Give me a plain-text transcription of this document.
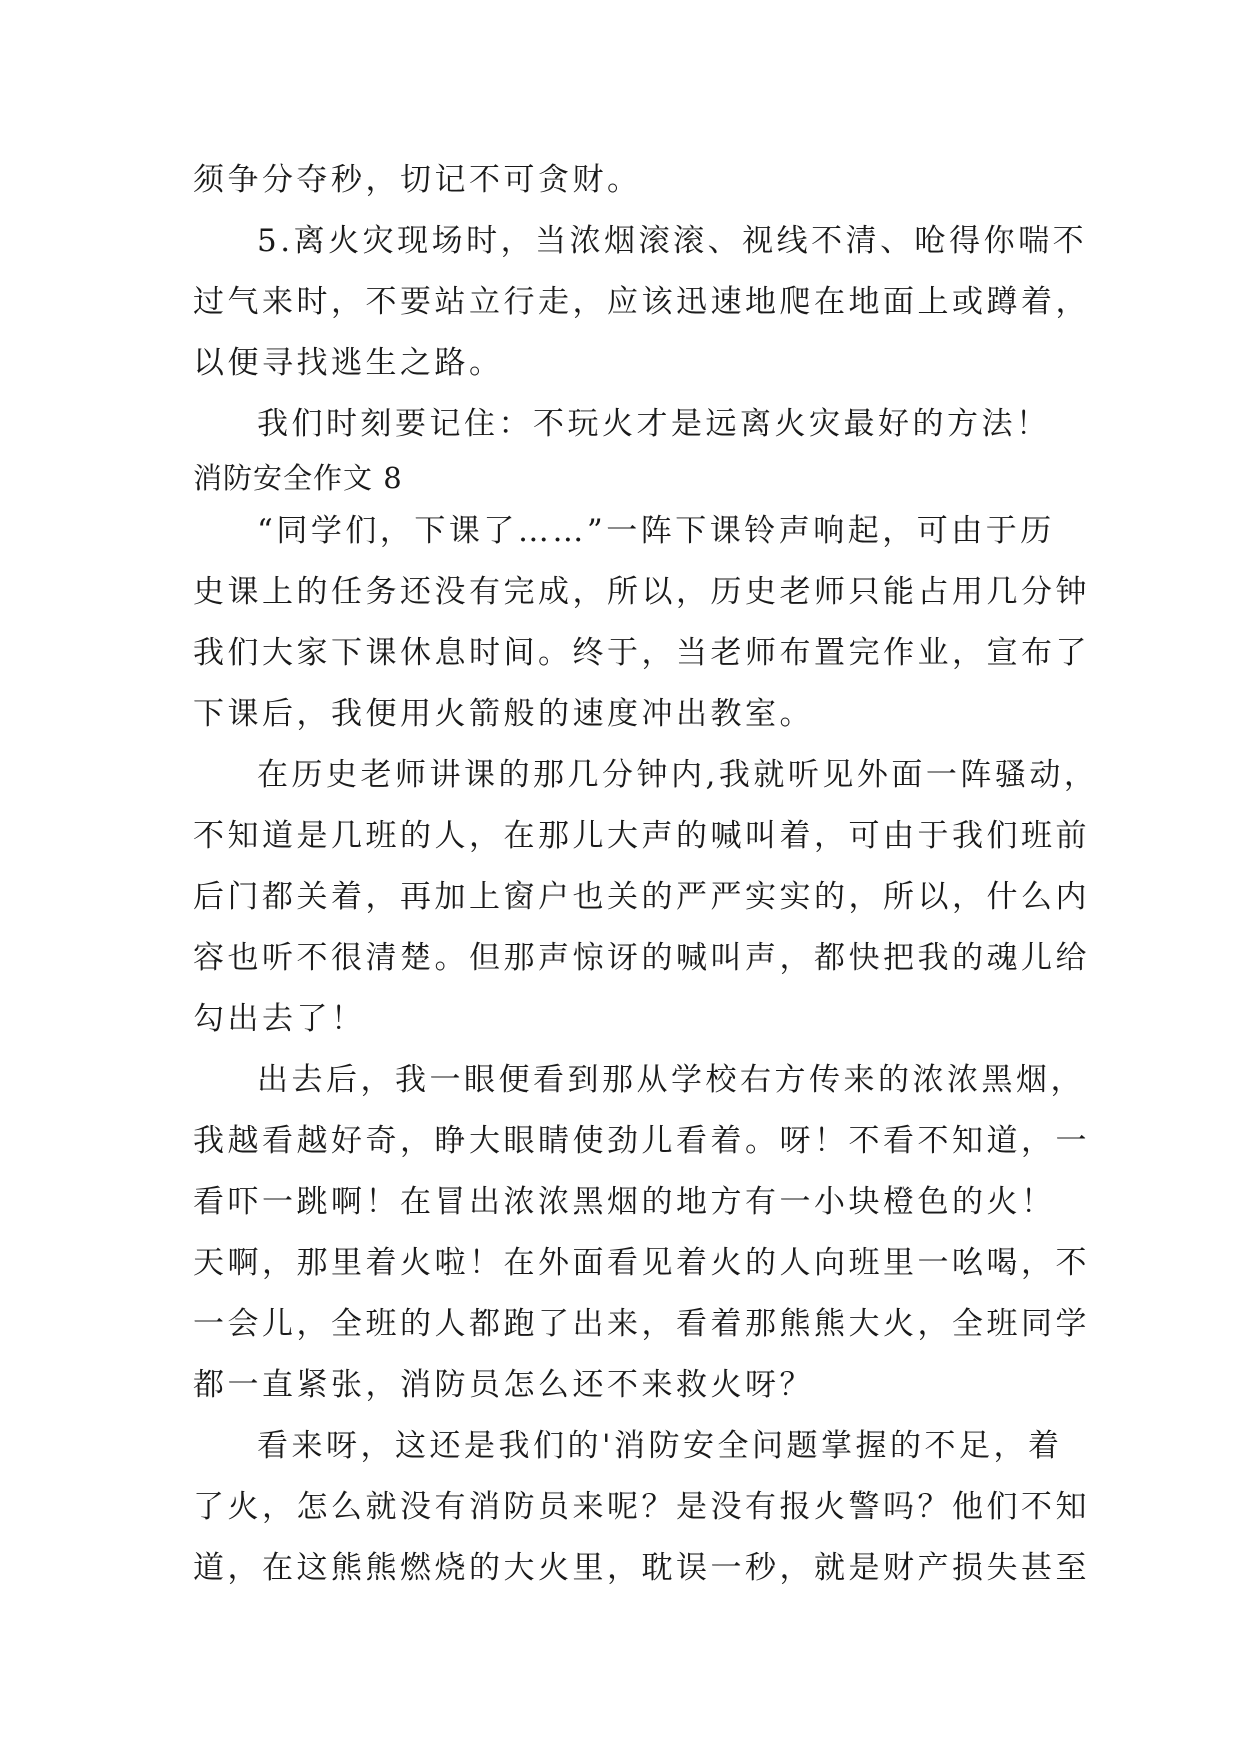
须争分夺秒，切记不可贪财。
5.离火灾现场时，当浓烟滚滚、视线不清、呛得你喘不
过气来时，不要站立行走，应该迅速地爬在地面上或蹲着，
以便寻找逃生之路。
我们时刻要记住：不玩火才是远离火灾最好的方法！
消防安全作文 8
“同学们，下课了……”一阵下课铃声响起，可由于历
史课上的任务还没有完成，所以，历史老师只能占用几分钟
我们大家下课休息时间。终于，当老师布置完作业，宣布了
下课后，我便用火箭般的速度冲出教室。
在历史老师讲课的那几分钟内,我就听见外面一阵骚动，
不知道是几班的人，在那儿大声的喊叫着，可由于我们班前
后门都关着，再加上窗户也关的严严实实的，所以，什么内
容也听不很清楚。但那声惊讶的喊叫声，都快把我的魂儿给
勾出去了！
出去后，我一眼便看到那从学校右方传来的浓浓黑烟，
我越看越好奇，睁大眼睛使劲儿看着。呀！不看不知道，一
看吓一跳啊！在冒出浓浓黑烟的地方有一小块橙色的火！
天啊，那里着火啦！在外面看见着火的人向班里一吆喝，不
一会儿，全班的人都跑了出来，看着那熊熊大火，全班同学
都一直紧张，消防员怎么还不来救火呀？
看来呀，这还是我们的'消防安全问题掌握的不足，着
了火，怎么就没有消防员来呢？是没有报火警吗？他们不知
道，在这熊熊燃烧的大火里，耽误一秒，就是财产损失甚至
